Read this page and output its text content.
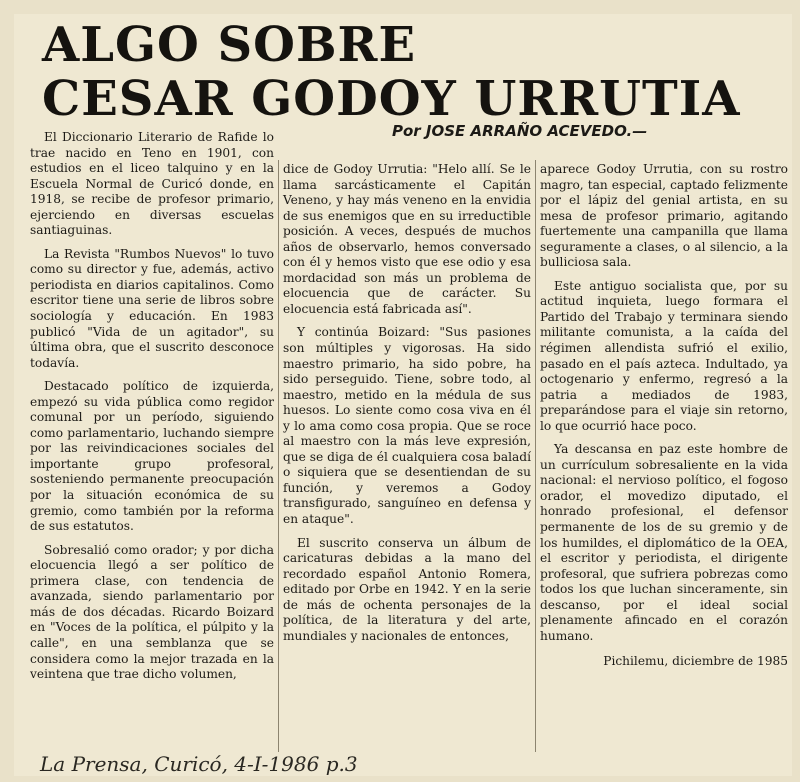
ALGO SOBRE
CESAR GODOY URRUTIA
Por JOSE ARRAÑO ACEVEDO.—

El Diccionario Literario de Rafide lo trae nacido en Teno en 1901, con estudios en el liceo talquino y en la Escuela Normal de Curicó donde, en 1918, se recibe de profesor primario, ejerciendo en diversas escuelas santiaguinas.

La Revista "Rumbos Nuevos" lo tuvo como su director y fue, además, activo periodista en diarios capitalinos. Como escritor tiene una serie de libros sobre sociología y educación. En 1983 publicó "Vida de un agitador", su última obra, que el suscrito desconoce todavía.

Destacado político de izquierda, empezó su vida pública como regidor comunal por un período, siguiendo como parlamentario, luchando siempre por las reivindicaciones sociales del importante grupo profesoral, sosteniendo permanente preocupación por la situación económica de su gremio, como también por la reforma de sus estatutos.

Sobresalió como orador; y por dicha elocuencia llegó a ser político de primera clase, con tendencia de avanzada, siendo parlamentario por más de dos décadas. Ricardo Boizard en "Voces de la política, el púlpito y la calle", en una semblanza que se considera como la mejor trazada en la veintena que trae dicho volumen,

dice de Godoy Urrutia: "Helo allí. Se le llama sarcásticamente el Capitán Veneno, y hay más veneno en la envidia de sus enemigos que en su irreductible posición. A veces, después de muchos años de observarlo, hemos conversado con él y hemos visto que ese odio y esa mordacidad son más un problema de elocuencia que de carácter. Su elocuencia está fabricada así".

Y continúa Boizard: "Sus pasiones son múltiples y vigorosas. Ha sido maestro primario, ha sido pobre, ha sido perseguido. Tiene, sobre todo, al maestro, metido en la médula de sus huesos. Lo siente como cosa viva en él y lo ama como cosa propia. Que se roce al maestro con la más leve expresión, que se diga de él cualquiera cosa baladí o siquiera que se desentiendan de su función, y veremos a Godoy transfigurado, sanguíneo en defensa y en ataque".

El suscrito conserva un álbum de caricaturas debidas a la mano del recordado español Antonio Romera, editado por Orbe en 1942. Y en la serie de más de ochenta personajes de la política, de la literatura y del arte, mundiales y nacionales de entonces,

aparece Godoy Urrutia, con su rostro magro, tan especial, captado felizmente por el lápiz del genial artista, en su mesa de profesor primario, agitando fuertemente una campanilla que llama seguramente a clases, o al silencio, a la bulliciosa sala.

Este antiguo socialista que, por su actitud inquieta, luego formara el Partido del Trabajo y terminara siendo militante comunista, a la caída del régimen allendista sufrió el exilio, pasado en el país azteca. Indultado, ya octogenario y enfermo, regresó a la patria a mediados de 1983, preparándose para el viaje sin retorno, lo que ocurrió hace poco.

Ya descansa en paz este hombre de un currículum sobresaliente en la vida nacional: el nervioso político, el fogoso orador, el movedizo diputado, el honrado profesional, el defensor permanente de los de su gremio y de los humildes, el diplomático de la OEA, el escritor y periodista, el dirigente profesoral, que sufriera pobrezas como todos los que luchan sinceramente, sin descanso, por el ideal social plenamente afincado en el corazón humano.

Pichilemu, diciembre de 1985
La Prensa, Curicó, 4-I-1986 p.3
